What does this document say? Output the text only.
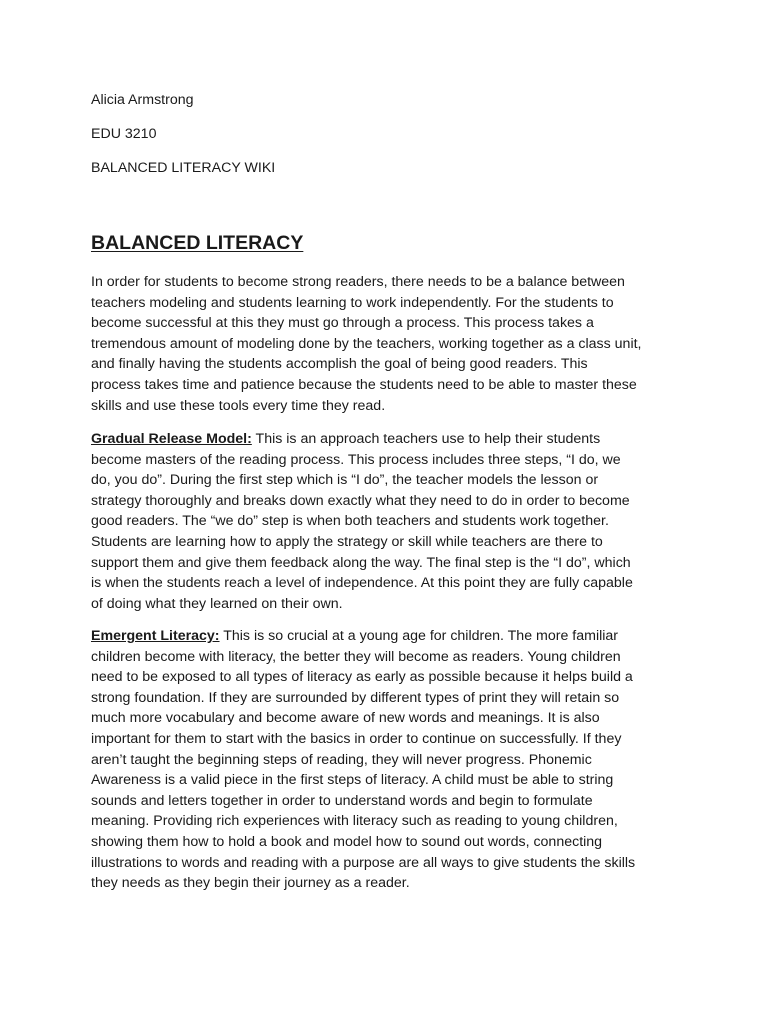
Alicia Armstrong

EDU 3210

BALANCED LITERACY WIKI

BALANCED LITERACY
In order for students to become strong readers, there needs to be a balance between
teachers modeling and students learning to work independently. For the students to
become successful at this they must go through a process. This process takes a
tremendous amount of modeling done by the teachers, working together as a class unit,
and finally having the students accomplish the goal of being good readers. This
process takes time and patience because the students need to be able to master these
skills and use these tools every time they read.
Gradual Release Model: This is an approach teachers use to help their students
become masters of the reading process. This process includes three steps, “I do, we
do, you do”. During the first step which is “I do”, the teacher models the lesson or
strategy thoroughly and breaks down exactly what they need to do in order to become
good readers. The “we do” step is when both teachers and students work together.
Students are learning how to apply the strategy or skill while teachers are there to
support them and give them feedback along the way. The final step is the “I do”, which
is when the students reach a level of independence. At this point they are fully capable
of doing what they learned on their own.
Emergent Literacy: This is so crucial at a young age for children. The more familiar
children become with literacy, the better they will become as readers. Young children
need to be exposed to all types of literacy as early as possible because it helps build a
strong foundation. If they are surrounded by different types of print they will retain so
much more vocabulary and become aware of new words and meanings. It is also
important for them to start with the basics in order to continue on successfully. If they
aren’t taught the beginning steps of reading, they will never progress. Phonemic
Awareness is a valid piece in the first steps of literacy. A child must be able to string
sounds and letters together in order to understand words and begin to formulate
meaning. Providing rich experiences with literacy such as reading to young children,
showing them how to hold a book and model how to sound out words, connecting
illustrations to words and reading with a purpose are all ways to give students the skills
they needs as they begin their journey as a reader.
